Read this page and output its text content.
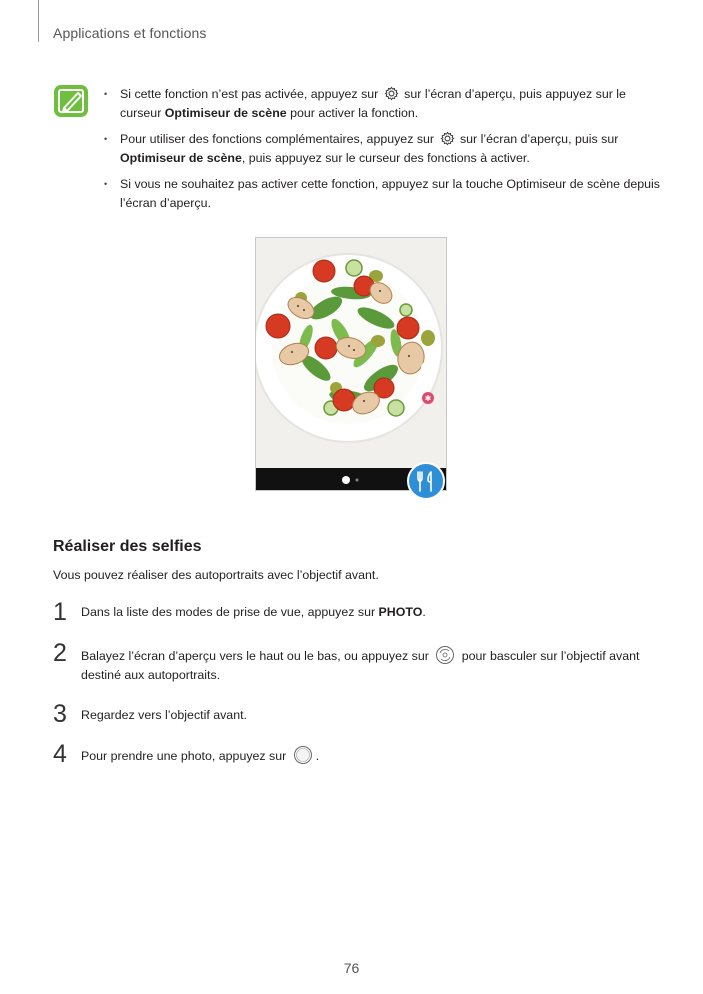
Applications et fonctions
• Si cette fonction n’est pas activée, appuyez sur  sur l’écran d’aperçu, puis appuyez sur le curseur Optimiseur de scène pour activer la fonction.
• Pour utiliser des fonctions complémentaires, appuyez sur  sur l’écran d’aperçu, puis sur Optimiseur de scène, puis appuyez sur le curseur des fonctions à activer.
• Si vous ne souhaitez pas activer cette fonction, appuyez sur la touche Optimiseur de scène depuis l’écran d’aperçu.
✱
Réaliser des selfies
Vous pouvez réaliser des autoportraits avec l’objectif avant.
1 Dans la liste des modes de prise de vue, appuyez sur PHOTO.
2 Balayez l’écran d’aperçu vers le haut ou le bas, ou appuyez sur  pour basculer sur l’objectif avant destiné aux autoportraits.
3 Regardez vers l’objectif avant.
4 Pour prendre une photo, appuyez sur .
76
